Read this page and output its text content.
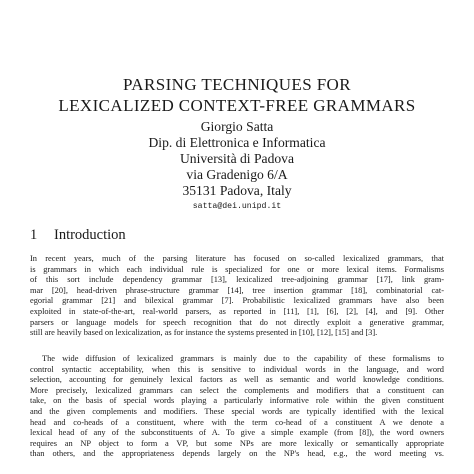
PARSING TECHNIQUES FOR
LEXICALIZED CONTEXT-FREE GRAMMARS
Giorgio Satta
Dip. di Elettronica e Informatica
Università di Padova
via Gradenigo 6/A
35131 Padova, Italy
satta@dei.unipd.it
1 Introduction
In recent years, much of the parsing literature has focused on so-called lexicalized grammars, that
is grammars in which each individual rule is specialized for one or more lexical items. Formalisms
of this sort include dependency grammar [13], lexicalized tree-adjoining grammar [17], link gram-
mar [20], head-driven phrase-structure grammar [14], tree insertion grammar [18], combinatorial cat-
egorial grammar [21] and bilexical grammar [7]. Probabilistic lexicalized grammars have also been
exploited in state-of-the-art, real-world parsers, as reported in [11], [1], [6], [2], [4], and [9]. Other
parsers or language models for speech recognition that do not directly exploit a generative grammar,
still are heavily based on lexicalization, as for instance the systems presented in [10], [12], [15] and [3].
The wide diffusion of lexicalized grammars is mainly due to the capability of these formalisms to
control syntactic acceptability, when this is sensitive to individual words in the language, and word
selection, accounting for genuinely lexical factors as well as semantic and world knowledge conditions.
More precisely, lexicalized grammars can select the complements and modifiers that a constituent can
take, on the basis of special words playing a particularly informative role within the given constituent
and the given complements and modifiers. These special words are typically identified with the lexical
head and co-heads of a constituent, where with the term co-head of a constituent A we denote a
lexical head of any of the subconstituents of A. To give a simple example (from [8]), the word owners
requires an NP object to form a VP, but some NPs are more lexically or semantically appropriate
than others, and the appropriateness depends largely on the NP's head, e.g., the word meeting vs.
